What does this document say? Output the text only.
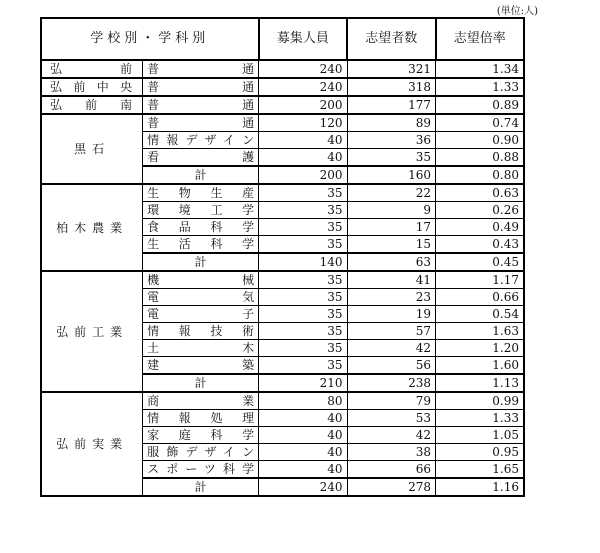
(単位:人)
学校別・学科別		募集人員	志望者数	志望倍率
弘前	普通	240	321	1.34
弘前中央	普通	240	318	1.33
弘前南	普通	200	177	0.89
黒石	普通	120	89	0.74
	情報デザイン	40	36	0.90
	看護	40	35	0.88
	計	200	160	0.80
柏木農業	生物生産	35	22	0.63
	環境工学	35	9	0.26
	食品科学	35	17	0.49
	生活科学	35	15	0.43
	計	140	63	0.45
弘前工業	機械	35	41	1.17
	電気	35	23	0.66
	電子	35	19	0.54
	情報技術	35	57	1.63
	土木	35	42	1.20
	建築	35	56	1.60
	計	210	238	1.13
弘前実業	商業	80	79	0.99
	情報処理	40	53	1.33
	家庭科学	40	42	1.05
	服飾デザイン	40	38	0.95
	スポーツ科学	40	66	1.65
	計	240	278	1.16
